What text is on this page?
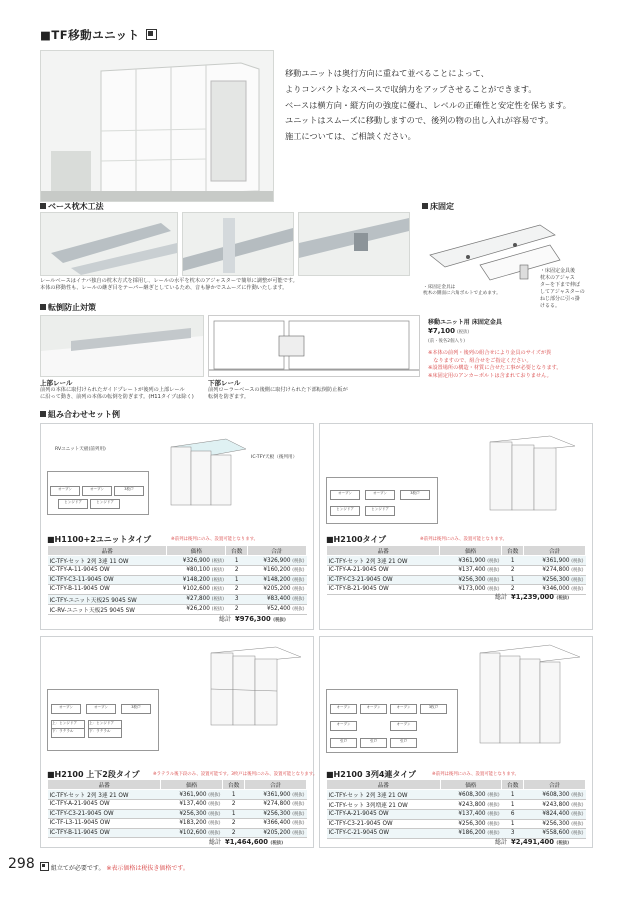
■TF移動ユニット

移動ユニットは奥行方向に重ねて並べることによって、

よりコンパクトなスペースで収納力をアップさせることができます。

ベースは横方向・縦方向の強度に優れ、レベルの正確性と安定性を保ちます。

ユニットはスムーズに移動しますので、後列の物の出し入れが容易です。

施工については、ご相談ください。

ベース枕木工法
レールベースはイナバ独自の枕木方式を採用し、レールの水平を枕木のアジャスターで簡単に調整が可能です。
本体の移動性も、レールの継ぎ目をテーパー継ぎとしているため、音も静かでスムーズに作動いたします。
床固定
・床固定金具は
枕木の側面に六角ボルトで止めます。
・床固定金具後
枕木のアジャス
ターを下まで伸ば
してアジャスターの
ねじ部分に引っ掛
けるる。
移動ユニット用 床固定金具
¥7,100 (税抜)
(前・後各2個入り)
※本体の前列・後列の組合せにより金具のサイズが異
　なりますので、組合せをご指定ください。
※設置場所の構造・材質に合せた工事が必要となります。
※床固定用のアンカーボルトは含まれておりません。
転倒防止対策
上部レール
前列の本体に取付けられたガイドプレートが後列の上部レール
に沿って動き、前列の本体の転倒を防ぎます。(H11タイプは除く)
下部レール
前列ローラーベースの後側に取付けられた下部転倒防止板が
転倒を防ぎます。
組み合わせセット例
RVユニット天板(前列用)
IC-TFY天板（後列用）
オープン	オープン	3枚戸
ヒンジドア	ヒンジドア
■H1100+2ユニットタイプ	※前列は後列にのみ、設置可能となります。
品番	価格	台数	合計
IC-TFY-セット 2列 3連 11 OW	¥326,900 (税抜)	1	¥326,900 (税抜)
IC-TFY-A-11-9045 OW	¥80,100 (税抜)	2	¥160,200 (税抜)
IC-TFY-C3-11-9045 OW	¥148,200 (税抜)	1	¥148,200 (税抜)
IC-TFY-B-11-9045 OW	¥102,600 (税抜)	2	¥205,200 (税抜)
IC-TFY-ユニット天板25 9045 SW	¥27,800 (税抜)	3	¥83,400 (税抜)
IC-RV-ユニット天板25 9045 SW	¥26,200 (税抜)	2	¥52,400 (税抜)
総計 ¥976,300 (税抜)
オープン	オープン	3枚戸
ヒンジドア	ヒンジドア
■H2100タイプ	※前列は後列にのみ、設置可能となります。
品番	価格	台数	合計
IC-TFY-セット 2列 3連 21 OW	¥361,900 (税抜)	1	¥361,900 (税抜)
IC-TFY-A-21-9045 OW	¥137,400 (税抜)	2	¥274,800 (税抜)
IC-TFY-C3-21-9045 OW	¥256,300 (税抜)	1	¥256,300 (税抜)
IC-TFY-B-21-9045 OW	¥173,000 (税抜)	2	¥346,000 (税抜)
総計 ¥1,239,000 (税抜)
オープン	オープン	3枚戸
上：ヒンジドア
下：ラテラル
上：ヒンジドア
下：ラテラル
■H2100 上下2段タイプ	※ラテラル後下段のみ、設置可能です。3枚戸は後列にのみ、設置可能となります。
品番	価格	台数	合計
IC-TFY-セット 2列 3連 21 OW	¥361,900 (税抜)	1	¥361,900 (税抜)
IC-TFY-A-21-9045 OW	¥137,400 (税抜)	2	¥274,800 (税抜)
IC-TFY-C3-21-9045 OW	¥256,300 (税抜)	1	¥256,300 (税抜)
IC-TF-L3-11-9045 OW	¥183,200 (税抜)	2	¥366,400 (税抜)
IC-TFY-B-11-9045 OW	¥102,600 (税抜)	2	¥205,200 (税抜)
総計 ¥1,464,600 (税抜)
オープン	オープン	オープン	3枚戸
オープン	オープン
引戸	引戸	引戸
■H2100 3列4連タイプ	※前列は後列にのみ、設置可能となります。
品番	価格	台数	合計
IC-TFY-セット 2列 3連 21 OW	¥608,300 (税抜)	1	¥608,300 (税抜)
IC-TFY-セット 3列増連 21 OW	¥243,800 (税抜)	1	¥243,800 (税抜)
IC-TFY-A-21-9045 OW	¥137,400 (税抜)	6	¥824,400 (税抜)
IC-TFY-C3-21-9045 OW	¥256,300 (税抜)	1	¥256,300 (税抜)
IC-TFY-C-21-9045 OW	¥186,200 (税抜)	3	¥558,600 (税抜)
総計 ¥2,491,400 (税抜)
298	組立てが必要です。 ※表示価格は税抜き価格です。
